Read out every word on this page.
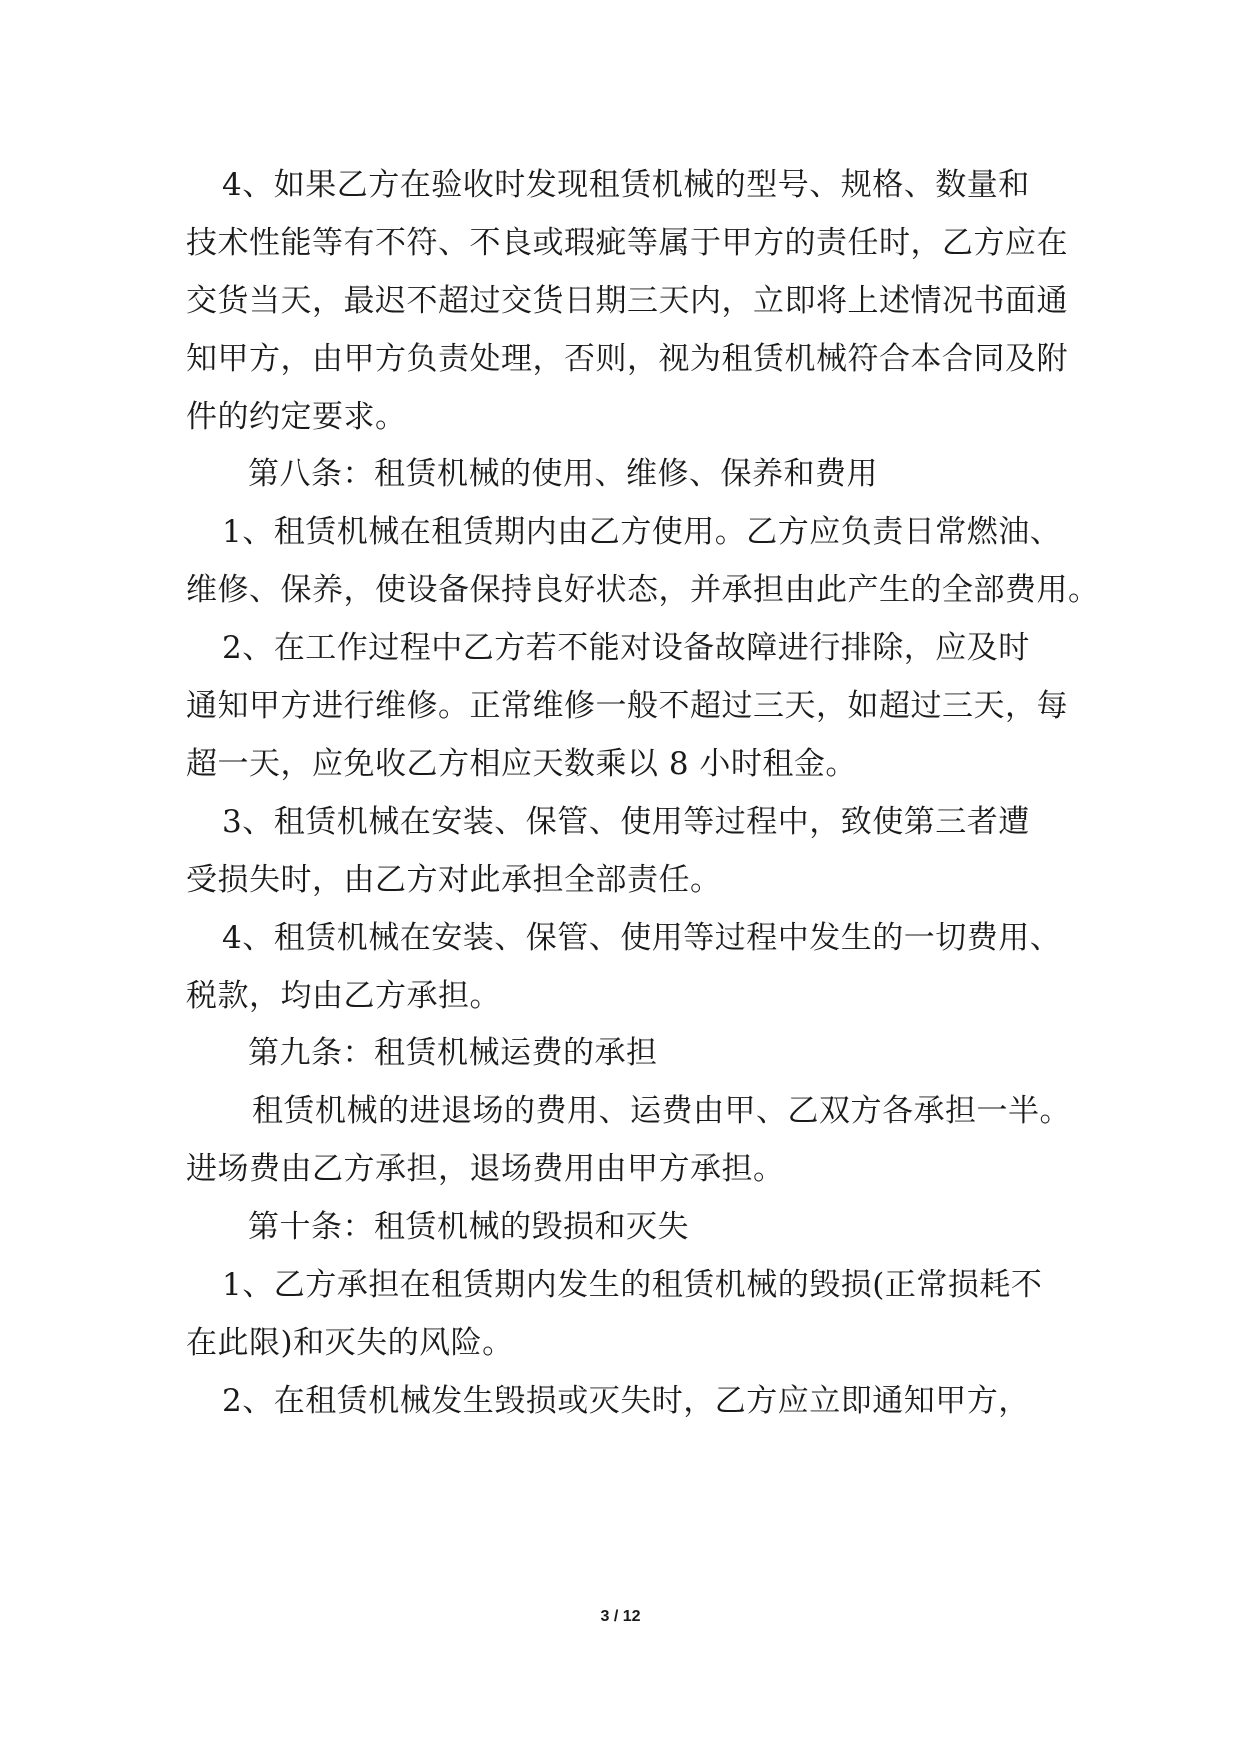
4、如果乙方在验收时发现租赁机械的型号、规格、数量和
技术性能等有不符、不良或瑕疵等属于甲方的责任时，乙方应在
交货当天，最迟不超过交货日期三天内，立即将上述情况书面通
知甲方，由甲方负责处理，否则，视为租赁机械符合本合同及附
件的约定要求。
第八条：租赁机械的使用、维修、保养和费用
1、租赁机械在租赁期内由乙方使用。乙方应负责日常燃油、
维修、保养，使设备保持良好状态，并承担由此产生的全部费用。
2、在工作过程中乙方若不能对设备故障进行排除，应及时
通知甲方进行维修。正常维修一般不超过三天，如超过三天，每
超一天，应免收乙方相应天数乘以 8 小时租金。
3、租赁机械在安装、保管、使用等过程中，致使第三者遭
受损失时，由乙方对此承担全部责任。
4、租赁机械在安装、保管、使用等过程中发生的一切费用、
税款，均由乙方承担。
第九条：租赁机械运费的承担
租赁机械的进退场的费用、运费由甲、乙双方各承担一半。
进场费由乙方承担，退场费用由甲方承担。
第十条：租赁机械的毁损和灭失
1、乙方承担在租赁期内发生的租赁机械的毁损(正常损耗不
在此限)和灭失的风险。
2、在租赁机械发生毁损或灭失时，乙方应立即通知甲方，
3 / 12
